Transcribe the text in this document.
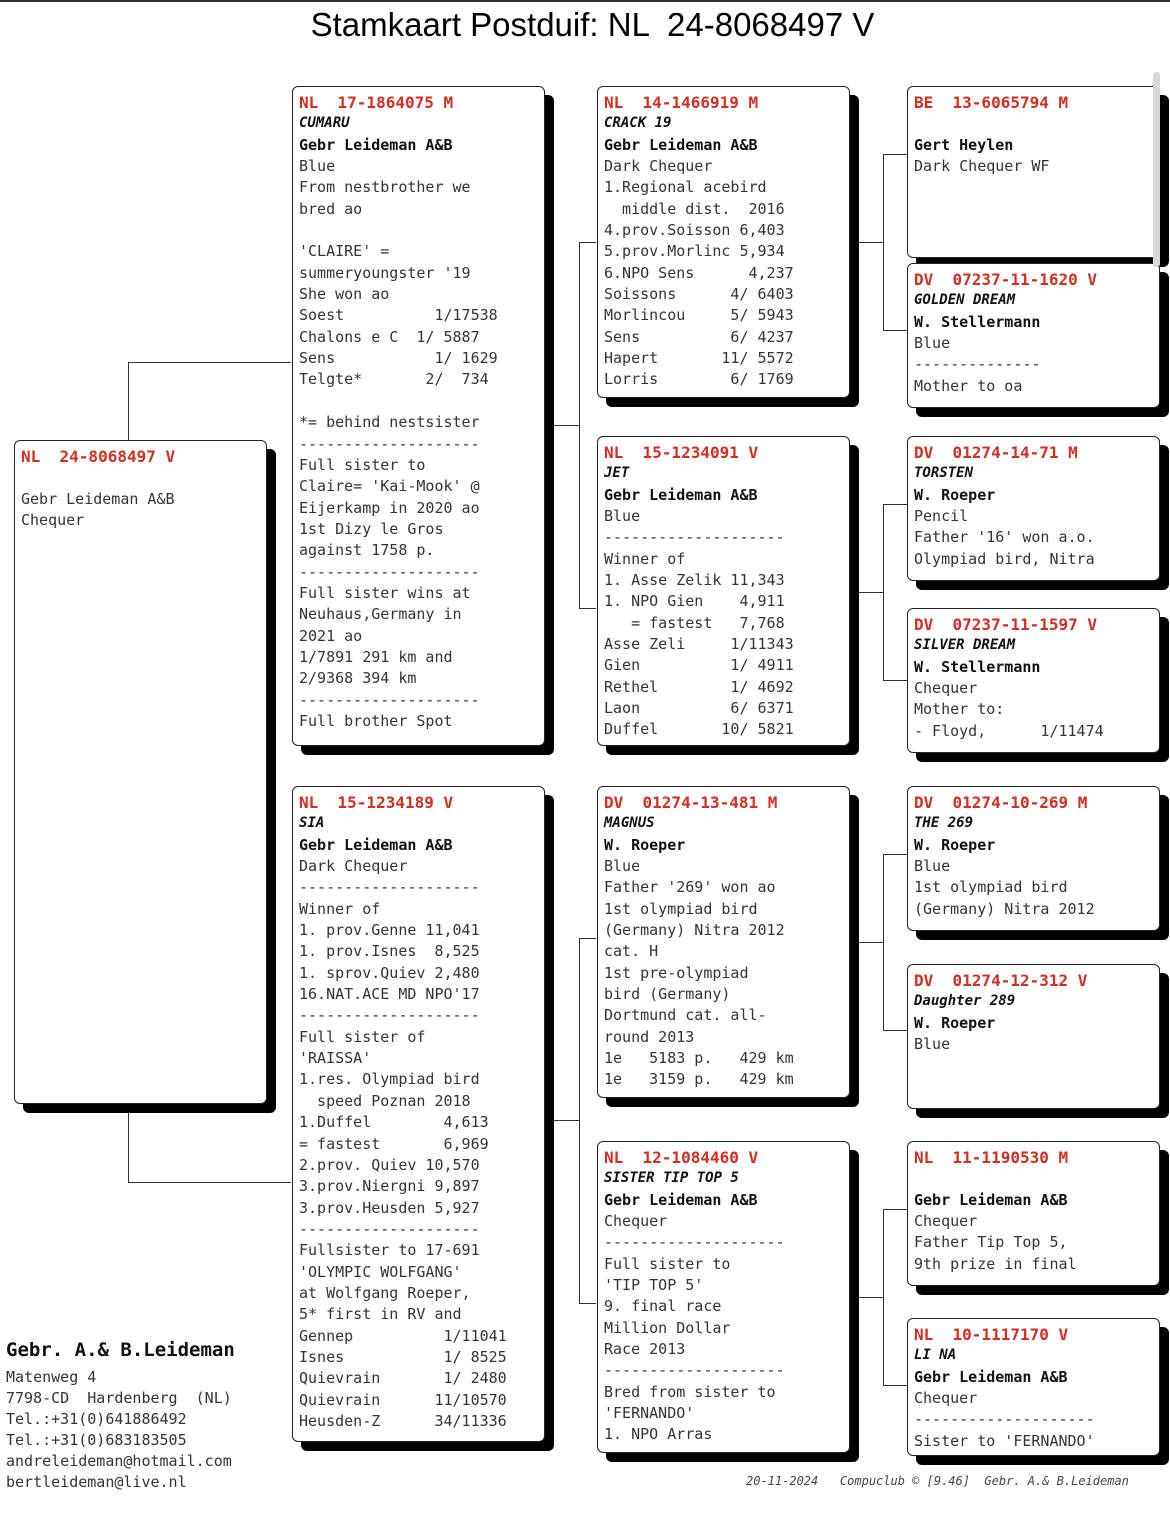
Stamkaart Postduif: NL  24-8068497 V
NL  24-8068497 V
Gebr Leideman A&B
Chequer
NL  17-1864075 M
CUMARU
Gebr Leideman A&B
Blue
From nestbrother we
bred ao
'CLAIRE' =
summeryoungster '19
She won ao
Soest          1/17538
Chalons e C  1/ 5887
Sens           1/ 1629
Telgte*       2/  734
*= behind nestsister
--------------------
Full sister to
Claire= 'Kai-Mook' @
Eijerkamp in 2020 ao
1st Dizy le Gros
against 1758 p.
--------------------
Full sister wins at
Neuhaus,Germany in
2021 ao
1/7891 291 km and
2/9368 394 km
--------------------
Full brother Spot
NL  15-1234189 V
SIA
Gebr Leideman A&B
Dark Chequer
--------------------
Winner of
1. prov.Genne 11,041
1. prov.Isnes  8,525
1. sprov.Quiev 2,480
16.NAT.ACE MD NPO'17
--------------------
Full sister of
'RAISSA'
1.res. Olympiad bird
speed Poznan 2018
1.Duffel        4,613
= fastest       6,969
2.prov. Quiev 10,570
3.prov.Niergni 9,897
3.prov.Heusden 5,927
--------------------
Fullsister to 17-691
'OLYMPIC WOLFGANG'
at Wolfgang Roeper,
5* first in RV and
Gennep          1/11041
Isnes           1/ 8525
Quievrain       1/ 2480
Quievrain      11/10570
Heusden-Z      34/11336
NL  14-1466919 M
CRACK 19
Gebr Leideman A&B
Dark Chequer
1.Regional acebird
middle dist.  2016
4.prov.Soisson 6,403
5.prov.Morlinc 5,934
6.NPO Sens      4,237
Soissons      4/ 6403
Morlincou     5/ 5943
Sens          6/ 4237
Hapert       11/ 5572
Lorris        6/ 1769
NL  15-1234091 V
JET
Gebr Leideman A&B
Blue
--------------------
Winner of
1. Asse Zelik 11,343
1. NPO Gien    4,911
= fastest   7,768
Asse Zeli     1/11343
Gien          1/ 4911
Rethel        1/ 4692
Laon          6/ 6371
Duffel       10/ 5821
DV  01274-13-481 M
MAGNUS
W. Roeper
Blue
Father '269' won ao
1st olympiad bird
(Germany) Nitra 2012
cat. H
1st pre-olympiad
bird (Germany)
Dortmund cat. all-
round 2013
1e   5183 p.   429 km
1e   3159 p.   429 km
NL  12-1084460 V
SISTER TIP TOP 5
Gebr Leideman A&B
Chequer
--------------------
Full sister to
'TIP TOP 5'
9. final race
Million Dollar
Race 2013
--------------------
Bred from sister to
'FERNANDO'
1. NPO Arras
BE  13-6065794 M
Gert Heylen
Dark Chequer WF
DV  07237-11-1620 V
GOLDEN DREAM
W. Stellermann
Blue
--------------
Mother to oa
DV  01274-14-71 M
TORSTEN
W. Roeper
Pencil
Father '16' won a.o.
Olympiad bird, Nitra
DV  07237-11-1597 V
SILVER DREAM
W. Stellermann
Chequer
Mother to:
- Floyd,      1/11474
DV  01274-10-269 M
THE 269
W. Roeper
Blue
1st olympiad bird
(Germany) Nitra 2012
DV  01274-12-312 V
Daughter 289
W. Roeper
Blue
NL  11-1190530 M
Gebr Leideman A&B
Chequer
Father Tip Top 5,
9th prize in final
NL  10-1117170 V
LI NA
Gebr Leideman A&B
Chequer
--------------------
Sister to 'FERNANDO'
Gebr. A.& B.Leideman
Matenweg 4
7798-CD  Hardenberg  (NL)
Tel.:+31(0)641886492
Tel.:+31(0)683183505
andreleideman@hotmail.com
bertleideman@live.nl	20-11-2024   Compuclub © [9.46]  Gebr. A.& B.Leideman
